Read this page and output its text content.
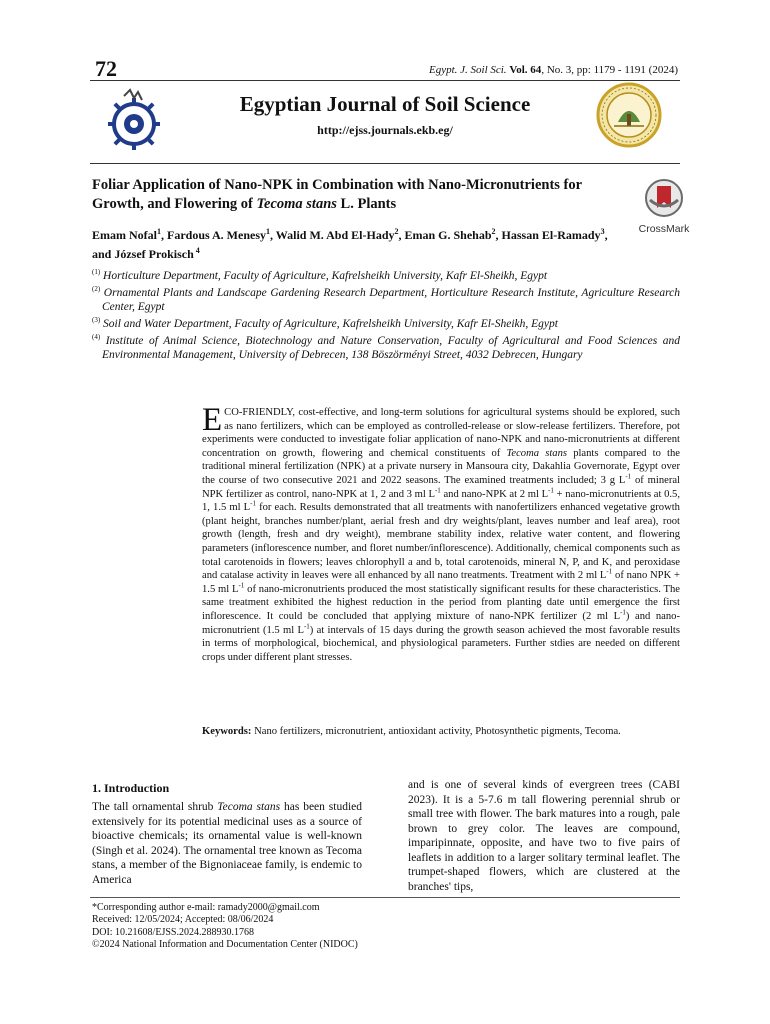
72	Egypt. J. Soil Sci. Vol. 64, No. 3, pp: 1179 - 1191 (2024)
Egyptian Journal of Soil Science
http://ejss.journals.ekb.eg/
Foliar Application of Nano-NPK in Combination with Nano-Micronutrients for
Growth, and Flowering of Tecoma stans L. Plants
CrossMark
Emam Nofal$^1$, Fardous A. Menesy$^1$, Walid M. Abd El-Hady$^2$, Eman G. Shehab$^2$, Hassan El-Ramady$^3$, and József Prokisch $^4$
$^{(1)}$ Horticulture Department, Faculty of Agriculture, Kafrelsheikh University, Kafr El-Sheikh, Egypt
$^{(2)}$ Ornamental Plants and Landscape Gardening Research Department, Horticulture Research Institute, Agriculture Research Center, Egypt
$^{(3)}$ Soil and Water Department, Faculty of Agriculture, Kafrelsheikh University, Kafr El-Sheikh, Egypt
$^{(4)}$ Institute of Animal Science, Biotechnology and Nature Conservation, Faculty of Agricultural and Food Sciences and Environmental Management, University of Debrecen, 138 Böszörményi Street, 4032 Debrecen, Hungary
ECO-FRIENDLY, cost-effective, and long-term solutions for agricultural systems should be explored, such as nano fertilizers, which can be employed as controlled-release or slow-release fertilizers. Therefore, pot experiments were conducted to investigate foliar application of nano-NPK and nano-micronutrients at different concentration on growth, flowering and chemical constituents of Tecoma stans plants compared to the traditional mineral fertilization (NPK) at a private nursery in Mansoura city, Dakahlia Governorate, Egypt over the course of two consecutive 2021 and 2022 seasons. The examined treatments included; 3 g $L^{-1}$ of mineral NPK fertilizer as control, nano-NPK at 1, 2 and 3 ml $L^{-1}$ and nano-NPK at 2 ml $L^{-1}$ + nano-micronutrients at 0.5, 1, 1.5 ml $L^{-1}$ for each. Results demonstrated that all treatments with nanofertilizers enhanced vegetative growth (plant height, branches number/plant, aerial fresh and dry weights/plant, leaves number and leaf area), root growth (length, fresh and dry weight), membrane stability index, relative water content, and flowering parameters (inflorescence number, and floret number/inflorescence). Additionally, chemical components such as total carotenoids in flowers; leaves chlorophyll a and b, total carotenoids, mineral N, P, and K, and peroxidase and catalase activity in leaves were all enhanced by all nano treatments. Treatment with 2 ml $L^{-1}$ of nano NPK + 1.5 ml $L^{-1}$ of nano-micronutrients produced the most statistically significant results for these characteristics. The same treatment exhibited the highest reduction in the period from planting date until emergence the first inflorescence. It could be concluded that applying mixture of nano-NPK fertilizer (2 ml $L^{-1}$) and nano-micronutrient (1.5 ml $L^{-1}$) at intervals of 15 days during the growth season achieved the most favorable results in terms of morphological, biochemical, and physiological parameters. Further stdies are needed on different crops under different plant stresses.
Keywords: Nano fertilizers, micronutrient, antioxidant activity, Photosynthetic pigments, Tecoma.
1. Introduction
The tall ornamental shrub Tecoma stans has been studied extensively for its potential medicinal uses as a source of bioactive chemicals; its ornamental value is well-known (Singh et al. 2024). The ornamental tree known as Tecoma stans, a member of the Bignoniaceae family, is endemic to America
and is one of several kinds of evergreen trees (CABI 2023). It is a 5-7.6 m tall flowering perennial shrub or small tree with flower. The bark matures into a rough, pale brown to grey color. The leaves are compound, imparipinnate, opposite, and have two to five pairs of leaflets in addition to a larger solitary terminal leaflet. The trumpet-shaped flowers, which are clustered at the branches' tips,
*Corresponding author e-mail: ramady2000@gmail.com
Received: 12/05/2024; Accepted: 08/06/2024
DOI: 10.21608/EJSS.2024.288930.1768
©2024 National Information and Documentation Center (NIDOC)
